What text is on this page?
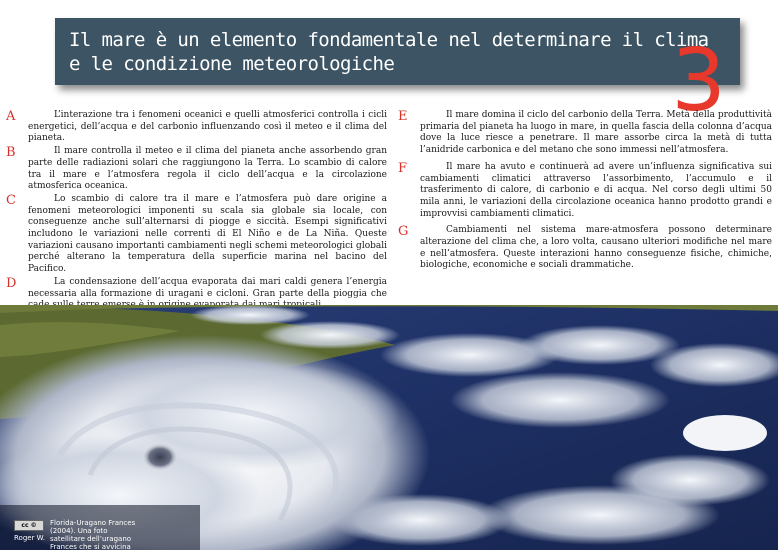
Il mare è un elemento fondamentale nel determinare il clima e le condizione meteorologiche	3

A	L’interazione tra i fenomeni oceanici e quelli atmosferici controlla i cicli energetici, dell’acqua e del carbonio influenzando così il meteo e il clima del pianeta.

B	Il mare controlla il meteo e il clima del pianeta anche assorbendo gran parte delle radiazioni solari che raggiungono la Terra. Lo scambio di calore tra il mare e l’atmosfera regola il ciclo dell’acqua e la circolazione atmosferica oceanica.

C	Lo scambio di calore tra il mare e l’atmosfera può dare origine a fenomeni meteorologici imponenti su scala sia globale sia locale, con conseguenze anche sull’alternarsi di piogge e siccità. Esempi significativi includono le variazioni nelle correnti di El Niño e de La Niña. Queste variazioni causano importanti cambiamenti negli schemi meteorologici globali perché alterano la temperatura della superficie marina nel bacino del Pacifico.

D	La condensazione dell’acqua evaporata dai mari caldi genera l’energia necessaria alla formazione di uragani e cicloni. Gran parte della pioggia che

E	Il mare domina il ciclo del carbonio della Terra. Metà della produttività primaria del pianeta ha luogo in mare, in quella fascia della colonna d’acqua dove la luce riesce a penetrare. Il mare assorbe circa la metà di tutta l’anidride carbonica e del metano che sono immessi nell’atmosfera.

F	Il mare ha avuto e continuerà ad avere un’influenza significativa sui cambiamenti climatici attraverso l’assorbimento, l’accumulo e il trasferimento di calore, di carbonio e di acqua. Nel corso degli ultimi 50 mila anni, le variazioni della circolazione oceanica hanno prodotto grandi e improvvisi cambiamenti climatici.

G	Cambiamenti nel sistema mare-atmosfera possono determinare alterazione del clima che, a loro volta, causano ulteriori modifiche nel mare e nell’atmosfera. Queste interazioni hanno conseguenze fisiche, chimiche, biologiche, economiche e sociali drammatiche.

cc ©
Roger W.
Florida-Uragano Frances (2004). Una foto satellitare dell’uragano Frances che si avvicina alla Florida.
